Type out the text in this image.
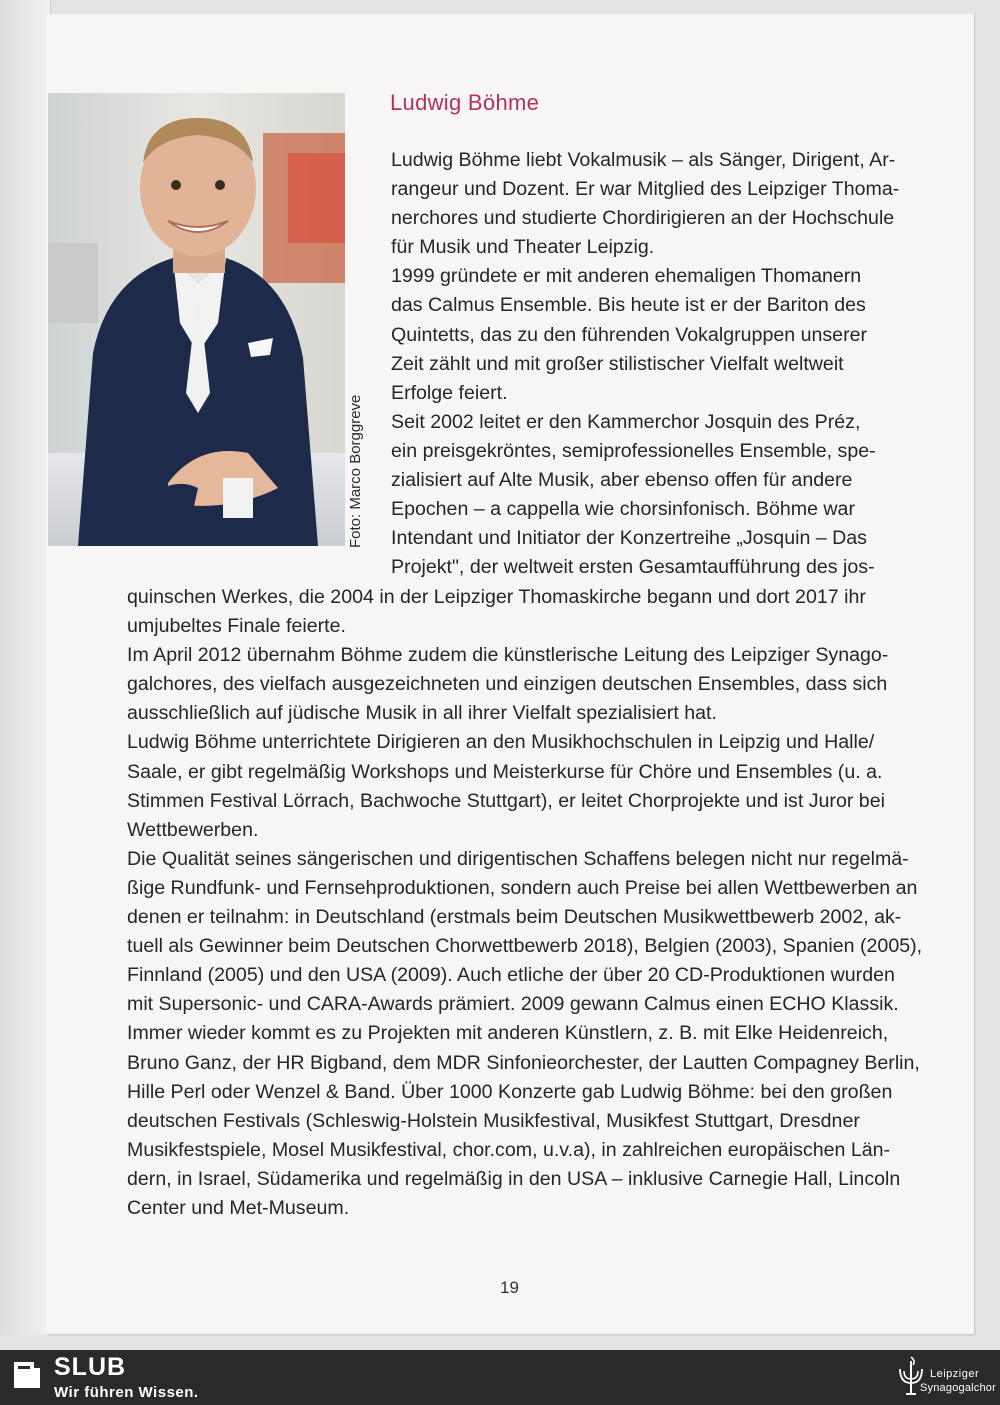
Foto: Marco Borggreve
Ludwig Böhme
Ludwig Böhme liebt Vokalmusik – als Sänger, Dirigent, Ar-
rangeur und Dozent. Er war Mitglied des Leipziger Thoma-
nerchores und studierte Chordirigieren an der Hochschule
für Musik und Theater Leipzig.
1999 gründete er mit anderen ehemaligen Thomanern
das Calmus Ensemble. Bis heute ist er der Bariton des
Quintetts, das zu den führenden Vokalgruppen unserer
Zeit zählt und mit großer stilistischer Vielfalt weltweit
Erfolge feiert.
Seit 2002 leitet er den Kammerchor Josquin des Préz,
ein preisgekröntes, semiprofessionelles Ensemble, spe-
zialisiert auf Alte Musik, aber ebenso offen für andere
Epochen – a cappella wie chorsinfonisch. Böhme war
Intendant und Initiator der Konzertreihe „Josquin – Das
Projekt", der weltweit ersten Gesamtaufführung des jos-
quinschen Werkes, die 2004 in der Leipziger Thomaskirche begann und dort 2017 ihr
umjubeltes Finale feierte.
Im April 2012 übernahm Böhme zudem die künstlerische Leitung des Leipziger Synago-
galchores, des vielfach ausgezeichneten und einzigen deutschen Ensembles, dass sich
ausschließlich auf jüdische Musik in all ihrer Vielfalt spezialisiert hat.
Ludwig Böhme unterrichtete Dirigieren an den Musikhochschulen in Leipzig und Halle/
Saale, er gibt regelmäßig Workshops und Meisterkurse für Chöre und Ensembles (u. a.
Stimmen Festival Lörrach, Bachwoche Stuttgart), er leitet Chorprojekte und ist Juror bei
Wettbewerben.
Die Qualität seines sängerischen und dirigentischen Schaffens belegen nicht nur regelmä-
ßige Rundfunk- und Fernsehproduktionen, sondern auch Preise bei allen Wettbewerben an
denen er teilnahm: in Deutschland (erstmals beim Deutschen Musikwettbewerb 2002, ak-
tuell als Gewinner beim Deutschen Chorwettbewerb 2018), Belgien (2003), Spanien (2005),
Finnland (2005) und den USA (2009). Auch etliche der über 20 CD-Produktionen wurden
mit Supersonic- und CARA-Awards prämiert. 2009 gewann Calmus einen ECHO Klassik.
Immer wieder kommt es zu Projekten mit anderen Künstlern, z. B. mit Elke Heidenreich,
Bruno Ganz, der HR Bigband, dem MDR Sinfonieorchester, der Lautten Compagney Berlin,
Hille Perl oder Wenzel & Band. Über 1000 Konzerte gab Ludwig Böhme: bei den großen
deutschen Festivals (Schleswig-Holstein Musikfestival, Musikfest Stuttgart, Dresdner
Musikfestspiele, Mosel Musikfestival, chor.com, u.v.a), in zahlreichen europäischen Län-
dern, in Israel, Südamerika und regelmäßig in den USA – inklusive Carnegie Hall, Lincoln
Center und Met-Museum.
19
SLUB
Wir führen Wissen.
Leipziger
Synagogalchor
